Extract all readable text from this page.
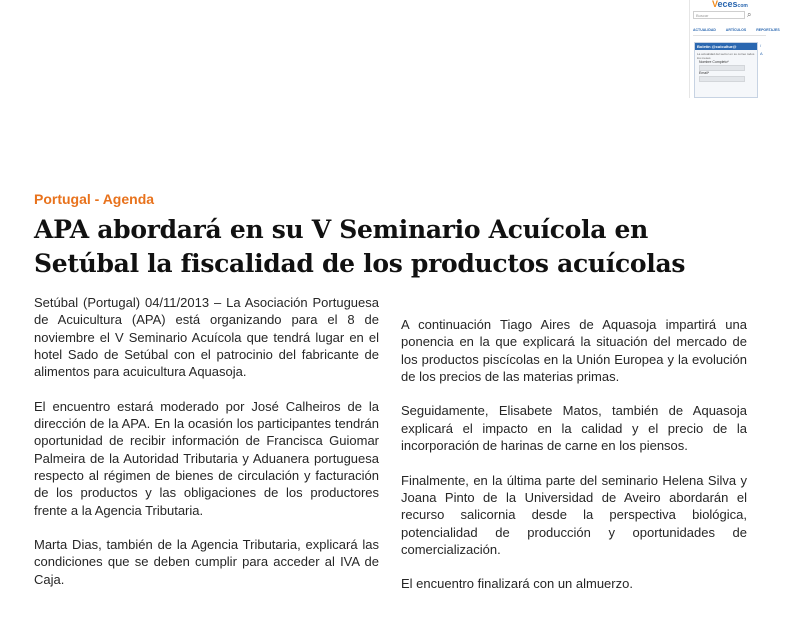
Vecescom
Buscar	⌕
ACTUALIDAD	ARTÍCULOS	REPORTAJES
Boletín @cuicultur@
La actualidad del sector en su correo todos los meses
Nombre Completo*
Email*
/
A
Portugal - Agenda
APA abordará en su V Seminario Acuícola en Setúbal la fiscalidad de los productos acuícolas

Setúbal (Portugal) 04/11/2013 – La Asociación Portuguesa de Acuicultura (APA) está organizando para el 8 de noviembre el V Seminario Acuícola que tendrá lugar en el hotel Sado de Setúbal con el patrocinio del fabricante de alimentos para acuicultura Aquasoja.

El encuentro estará moderado por José Calheiros de la dirección de la APA. En la ocasión los participantes tendrán oportunidad de recibir información de Francisca Guiomar Palmeira de la Autoridad Tributaria y Aduanera portuguesa respecto al régimen de bienes de circulación y facturación de los productos y las obligaciones de los productores frente a la Agencia Tributaria.

Marta Dias, también de la Agencia Tributaria, explicará las condiciones que se deben cumplir para acceder al IVA de Caja.

A continuación Tiago Aires de Aquasoja impartirá una ponencia en la que explicará la situación del mercado de los productos piscícolas en la Unión Europea y la evolución de los precios de las materias primas.

Seguidamente, Elisabete Matos, también de Aquasoja explicará el impacto en la calidad y el precio de la incorporación de harinas de carne en los piensos.

Finalmente, en la última parte del seminario Helena Silva y Joana Pinto de la Universidad de Aveiro abordarán el recurso salicornia desde la perspectiva biológica, potencialidad de producción y oportunidades de comercialización.

El encuentro finalizará con un almuerzo.
